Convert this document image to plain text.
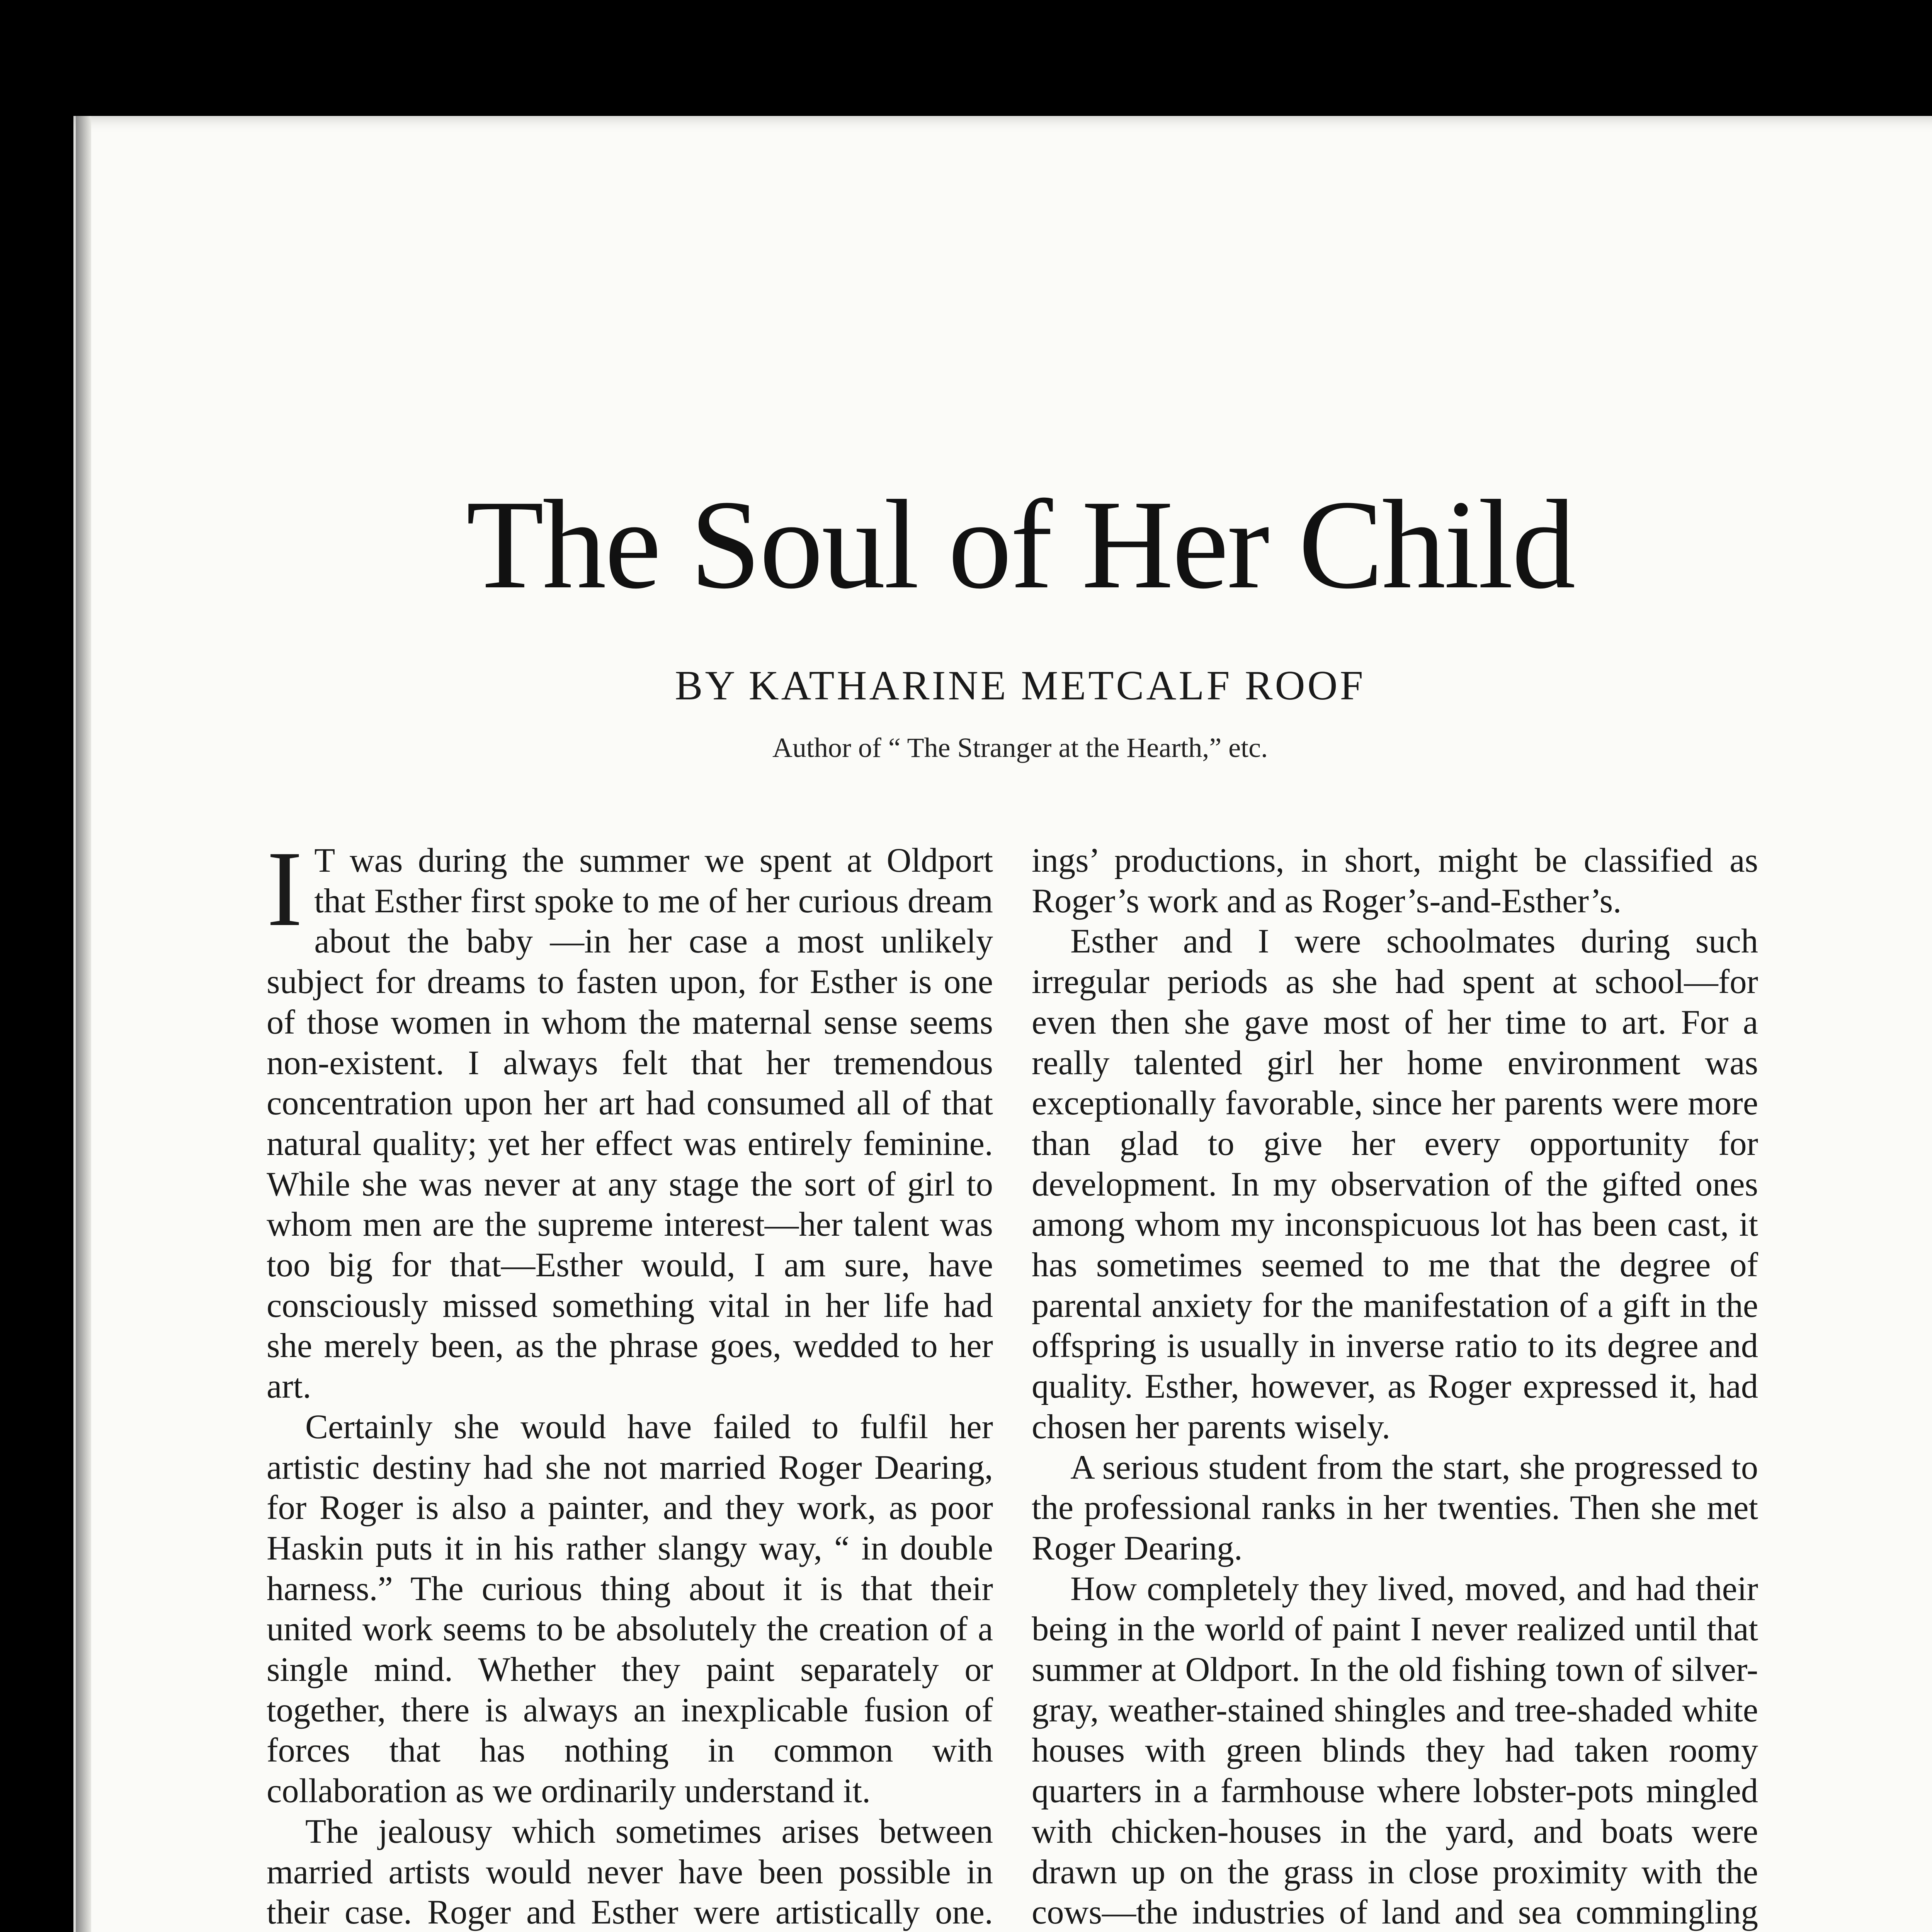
The Soul of Her Child
BY KATHARINE METCALF ROOF
Author of “ The Stranger at the Hearth,” etc.

I T was during the summer we spent at Oldport that Esther first spoke to me of her curious dream about the baby —in her case a most unlikely subject for dreams to fasten upon, for Esther is one of those women in whom the maternal sense seems non-existent. I always felt that her tremendous concentration upon her art had consumed all of that natural quality; yet her effect was entirely feminine. While she was never at any stage the sort of girl to whom men are the supreme interest—her talent was too big for that—Esther would, I am sure, have consciously missed something vital in her life had she merely been, as the phrase goes, wedded to her art.

Certainly she would have failed to fulfil her artistic destiny had she not married Roger Dearing, for Roger is also a painter, and they work, as poor Haskin puts it in his rather slangy way, “ in double harness.” The curious thing about it is that their united work seems to be absolutely the creation of a single mind. Whether they paint separately or together, there is always an inexplicable fusion of forces that has nothing in common with collaboration as we ordinarily understand it.

The jealousy which sometimes arises between married artists would never have been possible in their case. Roger and Esther were artistically one.

ings’ productions, in short, might be classified as Roger’s work and as Roger’s-and-Esther’s.

Esther and I were schoolmates during such irregular periods as she had spent at school—for even then she gave most of her time to art. For a really talented girl her home environment was exceptionally favorable, since her parents were more than glad to give her every opportunity for development. In my observation of the gifted ones among whom my inconspicuous lot has been cast, it has sometimes seemed to me that the degree of parental anxiety for the manifestation of a gift in the offspring is usually in inverse ratio to its degree and quality. Esther, however, as Roger expressed it, had chosen her parents wisely.

A serious student from the start, she progressed to the professional ranks in her twenties. Then she met Roger Dearing.

How completely they lived, moved, and had their being in the world of paint I never realized until that summer at Oldport. In the old fishing town of silver-gray, weather-stained shingles and tree-shaded white houses with green blinds they had taken roomy quarters in a farmhouse where lobster-pots mingled with chicken-houses in the yard, and boats were drawn up on the grass in close proximity with the cows—the industries of land and sea commingling
